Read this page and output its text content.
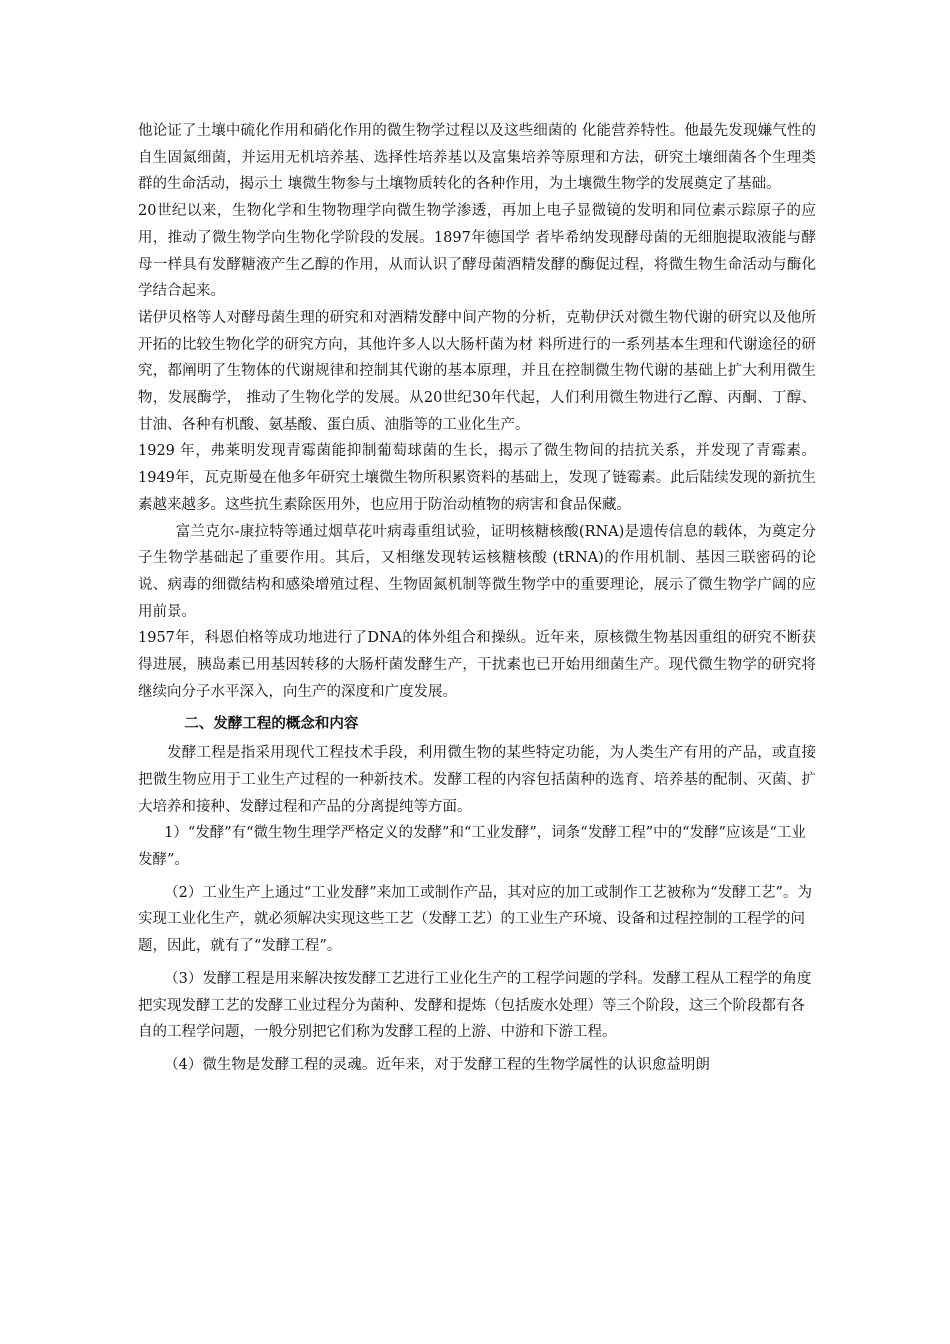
他论证了土壤中硫化作用和硝化作用的微生物学过程以及这些细菌的 化能营养特性。他最先发现嫌气性的自生固氮细菌，并运用无机培养基、选择性培养基以及富集培养等原理和方法，研究土壤细菌各个生理类群的生命活动，揭示土 壤微生物参与土壤物质转化的各种作用，为土壤微生物学的发展奠定了基础。

20世纪以来，生物化学和生物物理学向微生物学渗透，再加上电子显微镜的发明和同位素示踪原子的应用，推动了微生物学向生物化学阶段的发展。1897年德国学 者毕希纳发现酵母菌的无细胞提取液能与酵母一样具有发酵糖液产生乙醇的作用，从而认识了酵母菌酒精发酵的酶促过程，将微生物生命活动与酶化学结合起来。

诺伊贝格等人对酵母菌生理的研究和对酒精发酵中间产物的分析，克勒伊沃对微生物代谢的研究以及他所开拓的比较生物化学的研究方向，其他许多人以大肠杆菌为材 料所进行的一系列基本生理和代谢途径的研究，都阐明了生物体的代谢规律和控制其代谢的基本原理，并且在控制微生物代谢的基础上扩大利用微生物，发展酶学， 推动了生物化学的发展。从20世纪30年代起，人们利用微生物进行乙醇、丙酮、丁醇、甘油、各种有机酸、氨基酸、蛋白质、油脂等的工业化生产。

1929 年，弗莱明发现青霉菌能抑制葡萄球菌的生长，揭示了微生物间的拮抗关系，并发现了青霉素。1949年，瓦克斯曼在他多年研究土壤微生物所积累资料的基础上，发现了链霉素。此后陆续发现的新抗生素越来越多。这些抗生素除医用外，也应用于防治动植物的病害和食品保藏。

富兰克尔-康拉特等通过烟草花叶病毒重组试验，证明核糖核酸(RNA)是遗传信息的载体，为奠定分子生物学基础起了重要作用。其后，又相继发现转运核糖核酸 (tRNA)的作用机制、基因三联密码的论说、病毒的细微结构和感染增殖过程、生物固氮机制等微生物学中的重要理论，展示了微生物学广阔的应用前景。

1957年，科恩伯格等成功地进行了DNA的体外组合和操纵。近年来，原核微生物基因重组的研究不断获得进展，胰岛素已用基因转移的大肠杆菌发酵生产，干扰素也已开始用细菌生产。现代微生物学的研究将继续向分子水平深入，向生产的深度和广度发展。

二、发酵工程的概念和内容

发酵工程是指采用现代工程技术手段，利用微生物的某些特定功能，为人类生产有用的产品，或直接把微生物应用于工业生产过程的一种新技术。发酵工程的内容包括菌种的选育、培养基的配制、灭菌、扩大培养和接种、发酵过程和产品的分离提纯等方面。

1）“发酵”有“微生物生理学严格定义的发酵”和“工业发酵”，词条“发酵工程”中的“发酵”应该是“工业发酵”。

（2）工业生产上通过“工业发酵”来加工或制作产品，其对应的加工或制作工艺被称为“发酵工艺”。为实现工业化生产，就必须解决实现这些工艺（发酵工艺）的工业生产环境、设备和过程控制的工程学的问题，因此，就有了“发酵工程”。

（3）发酵工程是用来解决按发酵工艺进行工业化生产的工程学问题的学科。发酵工程从工程学的角度把实现发酵工艺的发酵工业过程分为菌种、发酵和提炼（包括废水处理）等三个阶段，这三个阶段都有各自的工程学问题，一般分别把它们称为发酵工程的上游、中游和下游工程。

（4）微生物是发酵工程的灵魂。近年来，对于发酵工程的生物学属性的认识愈益明朗
